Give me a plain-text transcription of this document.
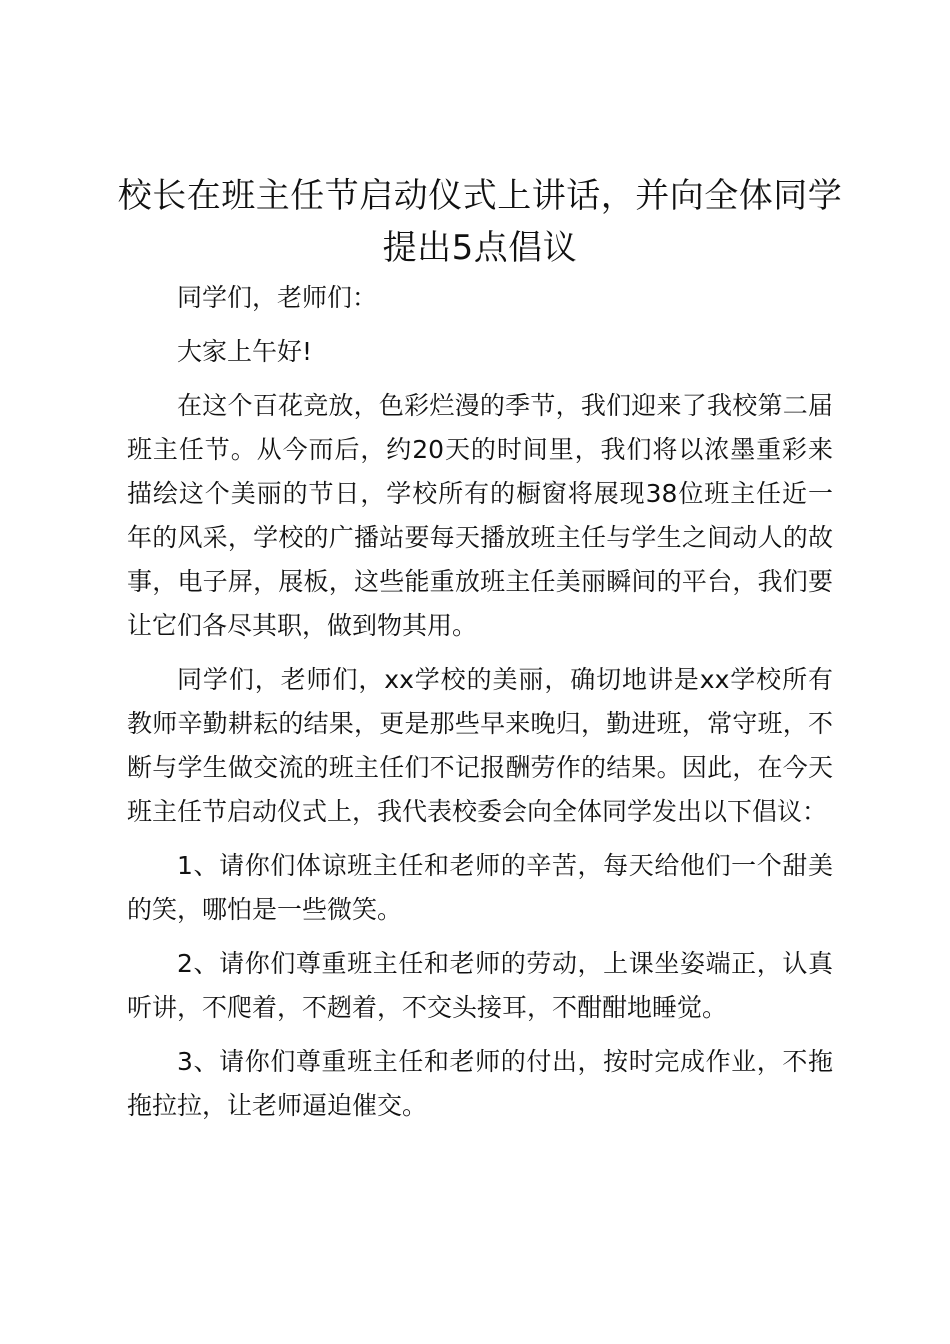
校长在班主任节启动仪式上讲话，并向全体同学提出5点倡议

同学们，老师们：

大家上午好!

在这个百花竞放，色彩烂漫的季节，我们迎来了我校第二届班主任节。从今而后，约20天的时间里，我们将以浓墨重彩来描绘这个美丽的节日，学校所有的橱窗将展现38位班主任近一年的风采，学校的广播站要每天播放班主任与学生之间动人的故事，电子屏，展板，这些能重放班主任美丽瞬间的平台，我们要让它们各尽其职，做到物其用。

同学们，老师们，xx学校的美丽，确切地讲是xx学校所有教师辛勤耕耘的结果，更是那些早来晚归，勤进班，常守班，不断与学生做交流的班主任们不记报酬劳作的结果。因此，在今天班主任节启动仪式上，我代表校委会向全体同学发出以下倡议：

1、请你们体谅班主任和老师的辛苦，每天给他们一个甜美的笑，哪怕是一些微笑。

2、请你们尊重班主任和老师的劳动，上课坐姿端正，认真听讲，不爬着，不趔着，不交头接耳，不酣酣地睡觉。

3、请你们尊重班主任和老师的付出，按时完成作业，不拖拖拉拉，让老师逼迫催交。
